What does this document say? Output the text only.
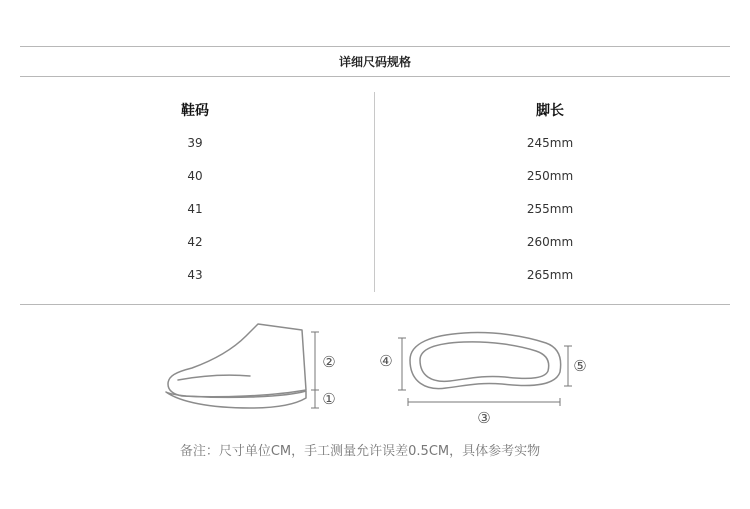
详细尺码规格
鞋码	脚长
39	245mm
40	250mm
41	255mm
42	260mm
43	265mm
②
①
④
③
⑤
备注：尺寸单位CM，手工测量允许误差0.5CM，具体参考实物
